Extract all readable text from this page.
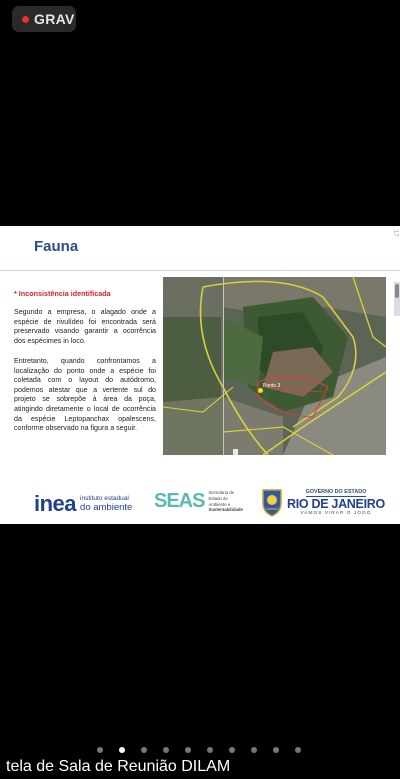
GRAV
Fauna
17
* Inconsistência identificada
Segundo a empresa, o alagado onde a espécie de rivulídeo foi encontrada será preservado visando garantir a ocorrência dos espécimes in loco.
Entretanto, quando confrontamos a localização do ponto onde a espécie foi coletada com o layout do autódromo, podemos atestar que a vertente sul do projeto se sobrepõe à área da poça, atingindo diretamente o local de ocorrência da espécie Leptopanchax opalescens, conforme observado na figura a seguir.
Ponto 3
inea instituto estadual
do ambiente SEAS Secretaria de
Estado do
Ambiente e
Sustentabilidade
GOVERNO DO ESTADO
RIO DE JANEIRO
VAMOS VIRAR O JOGO
tela de Sala de Reunião DILAM
